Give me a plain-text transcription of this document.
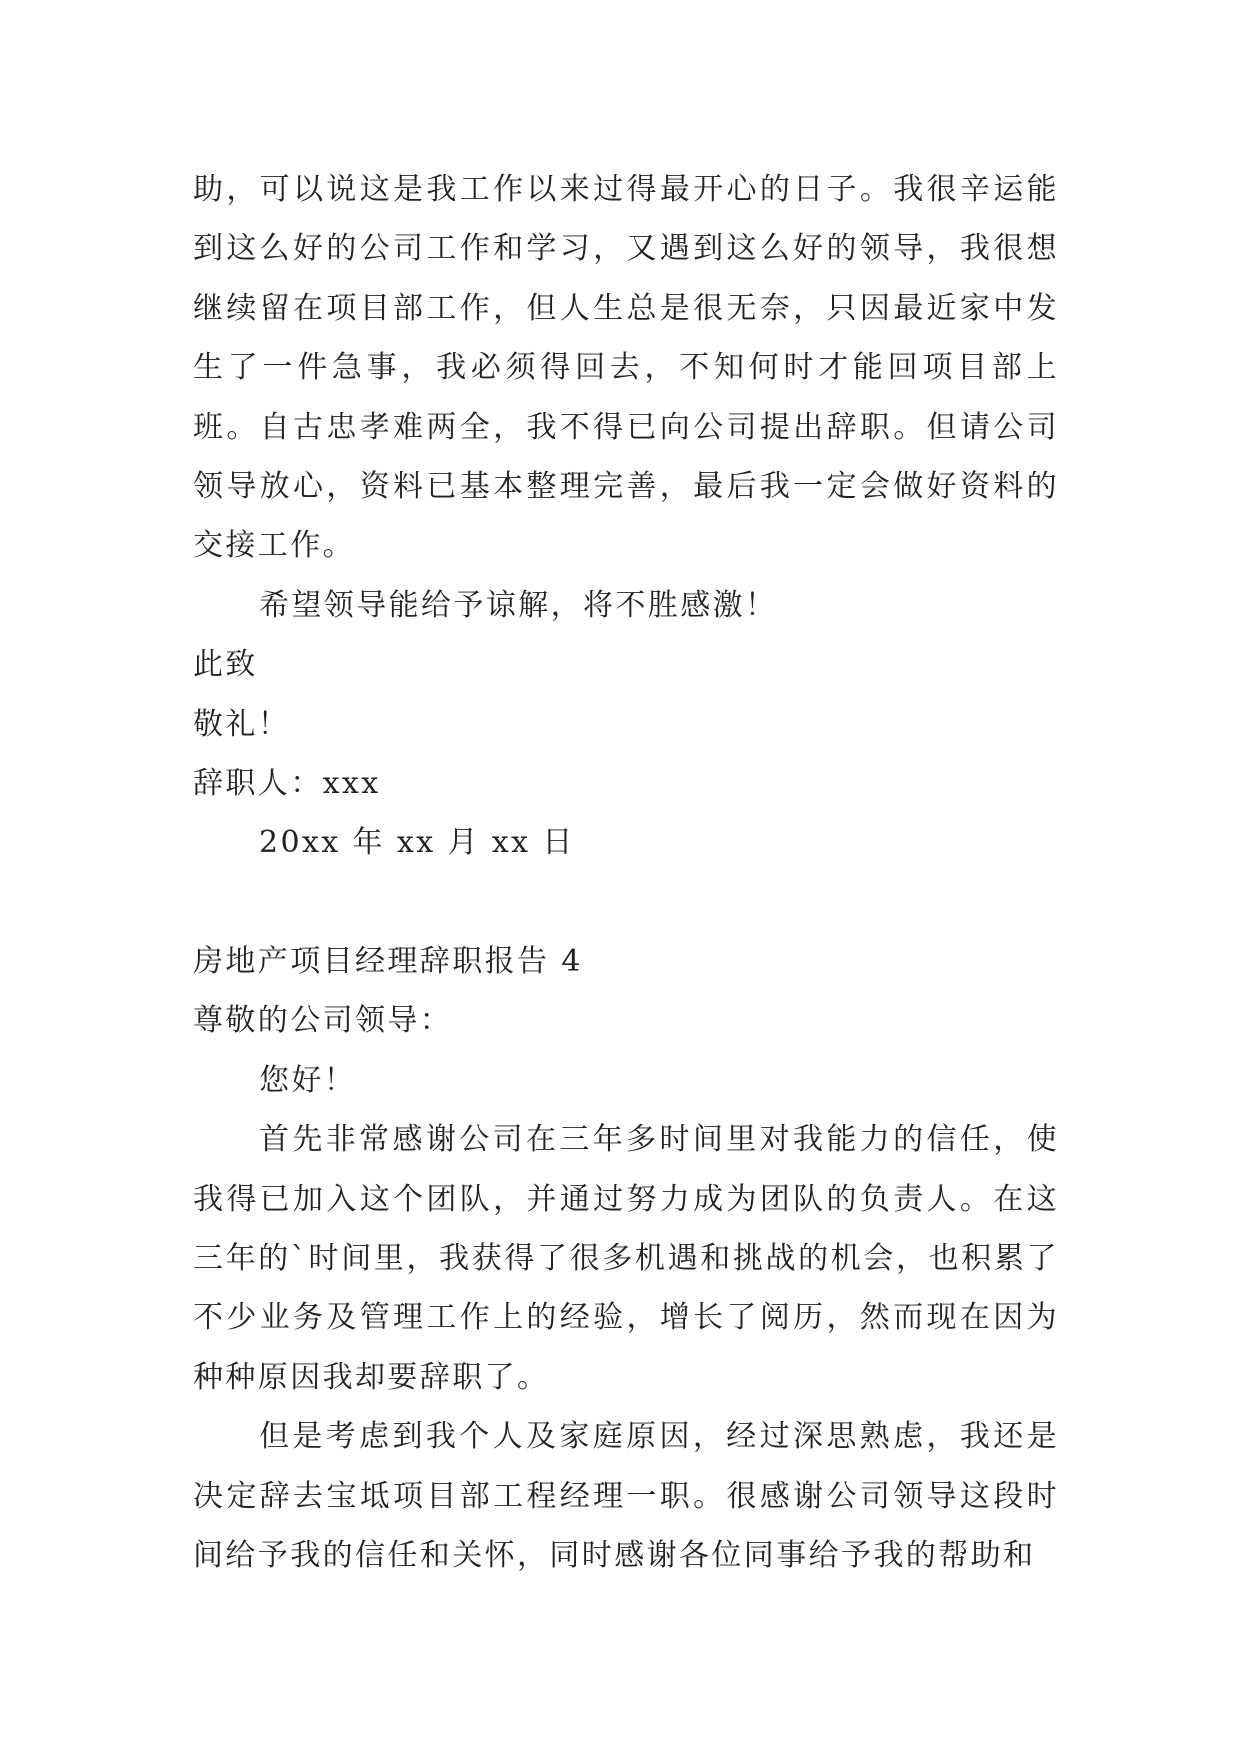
助，可以说这是我工作以来过得最开心的日子。我很辛运能到这么好的公司工作和学习，又遇到这么好的领导，我很想继续留在项目部工作，但人生总是很无奈，只因最近家中发生了一件急事，我必须得回去，不知何时才能回项目部上班。自古忠孝难两全，我不得已向公司提出辞职。但请公司领导放心，资料已基本整理完善，最后我一定会做好资料的交接工作。

希望领导能给予谅解，将不胜感激！

此致

敬礼！

辞职人：xxx

20xx 年 xx 月 xx 日

房地产项目经理辞职报告 4

尊敬的公司领导：

您好！

首先非常感谢公司在三年多时间里对我能力的信任，使我得已加入这个团队，并通过努力成为团队的负责人。在这三年的`时间里，我获得了很多机遇和挑战的机会，也积累了不少业务及管理工作上的经验，增长了阅历，然而现在因为种种原因我却要辞职了。

但是考虑到我个人及家庭原因，经过深思熟虑，我还是决定辞去宝坻项目部工程经理一职。很感谢公司领导这段时间给予我的信任和关怀，同时感谢各位同事给予我的帮助和
